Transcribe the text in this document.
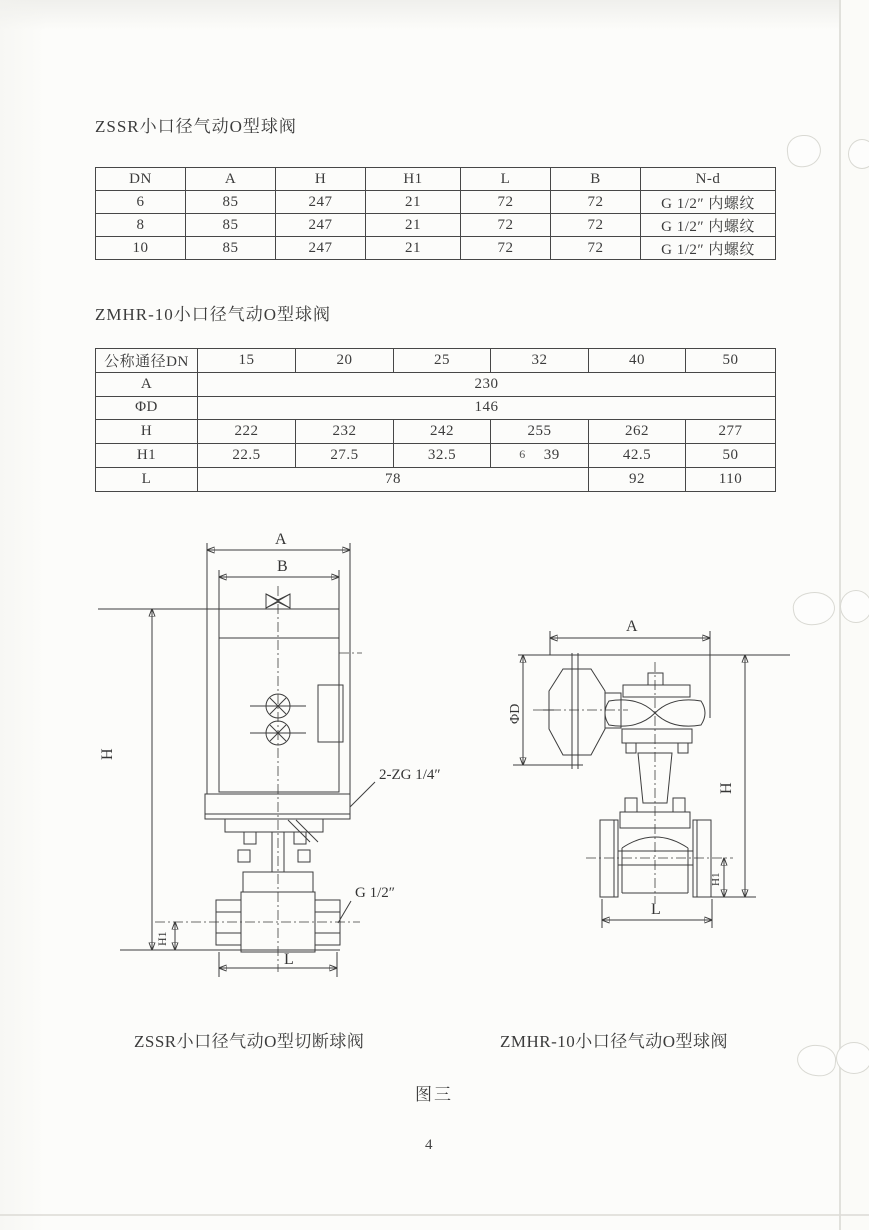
ZSSR小口径气动O型球阀
DN	A	H	H1	L	B	N-d
6	85	247	21	72	72	G 1/2″ 内螺纹
8	85	247	21	72	72	G 1/2″ 内螺纹
10	85	247	21	72	72	G 1/2″ 内螺纹
ZMHR-10小口径气动O型球阀
公称通径DN	15	20	25	32	40	50
A	230					
ΦD	146					
H	222	232	242	255	262	277
H1	22.5	27.5	32.5	6 39	42.5	50
L	78				92	110
A
B
H
H1
2-ZG 1/4″
G 1/2″
L
A
ΦD
H
H1
L
ZSSR小口径气动O型切断球阀	ZMHR-10小口径气动O型球阀
图三
4
